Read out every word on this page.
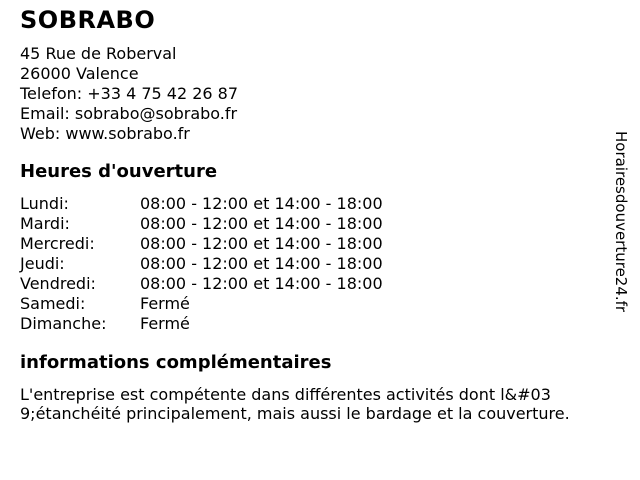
SOBRABO
45 Rue de Roberval
26000 Valence
Telefon: +33 4 75 42 26 87
Email: sobrabo@sobrabo.fr
Web: www.sobrabo.fr
Heures d'ouverture
Lundi:	08:00 - 12:00 et 14:00 - 18:00
Mardi:	08:00 - 12:00 et 14:00 - 18:00
Mercredi:	08:00 - 12:00 et 14:00 - 18:00
Jeudi:	08:00 - 12:00 et 14:00 - 18:00
Vendredi:	08:00 - 12:00 et 14:00 - 18:00
Samedi:	Fermé
Dimanche: Fermé
informations complémentaires
L'entreprise est compétente dans différentes activités dont l&#03
9;étanchéité principalement, mais aussi le bardage et la couverture.
Horairesdouverture24.fr
